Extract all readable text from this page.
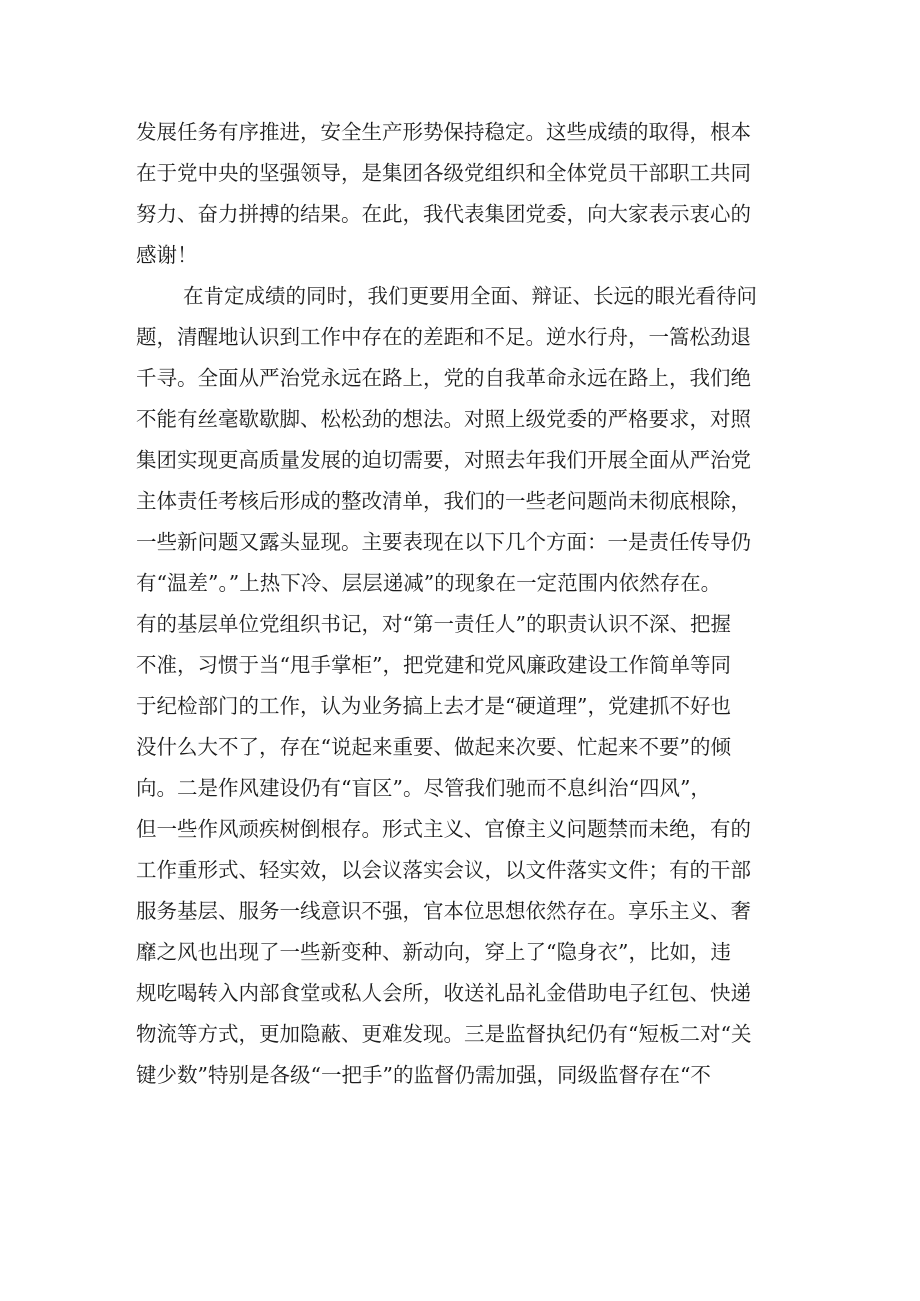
发展任务有序推进，安全生产形势保持稳定。这些成绩的取得，根本
在于党中央的坚强领导，是集团各级党组织和全体党员干部职工共同
努力、奋力拼搏的结果。在此，我代表集团党委，向大家表示衷心的
感谢！
在肯定成绩的同时，我们更要用全面、辩证、长远的眼光看待问
题，清醒地认识到工作中存在的差距和不足。逆水行舟，一篙松劲退
千寻。全面从严治党永远在路上，党的自我革命永远在路上，我们绝
不能有丝毫歇歇脚、松松劲的想法。对照上级党委的严格要求，对照
集团实现更高质量发展的迫切需要，对照去年我们开展全面从严治党
主体责任考核后形成的整改清单，我们的一些老问题尚未彻底根除，
一些新问题又露头显现。主要表现在以下几个方面：一是责任传导仍
有“温差”。”上热下冷、层层递减”的现象在一定范围内依然存在。
有的基层单位党组织书记，对“第一责任人”的职责认识不深、把握
不准，习惯于当“甩手掌柜”，把党建和党风廉政建设工作简单等同
于纪检部门的工作，认为业务搞上去才是“硬道理”，党建抓不好也
没什么大不了，存在“说起来重要、做起来次要、忙起来不要”的倾
向。二是作风建设仍有“盲区”。尽管我们驰而不息纠治“四风”，
但一些作风顽疾树倒根存。形式主义、官僚主义问题禁而未绝，有的
工作重形式、轻实效，以会议落实会议，以文件落实文件；有的干部
服务基层、服务一线意识不强，官本位思想依然存在。享乐主义、奢
靡之风也出现了一些新变种、新动向，穿上了“隐身衣”，比如，违
规吃喝转入内部食堂或私人会所，收送礼品礼金借助电子红包、快递
物流等方式，更加隐蔽、更难发现。三是监督执纪仍有“短板二对“关
键少数”特别是各级“一把手”的监督仍需加强，同级监督存在“不
